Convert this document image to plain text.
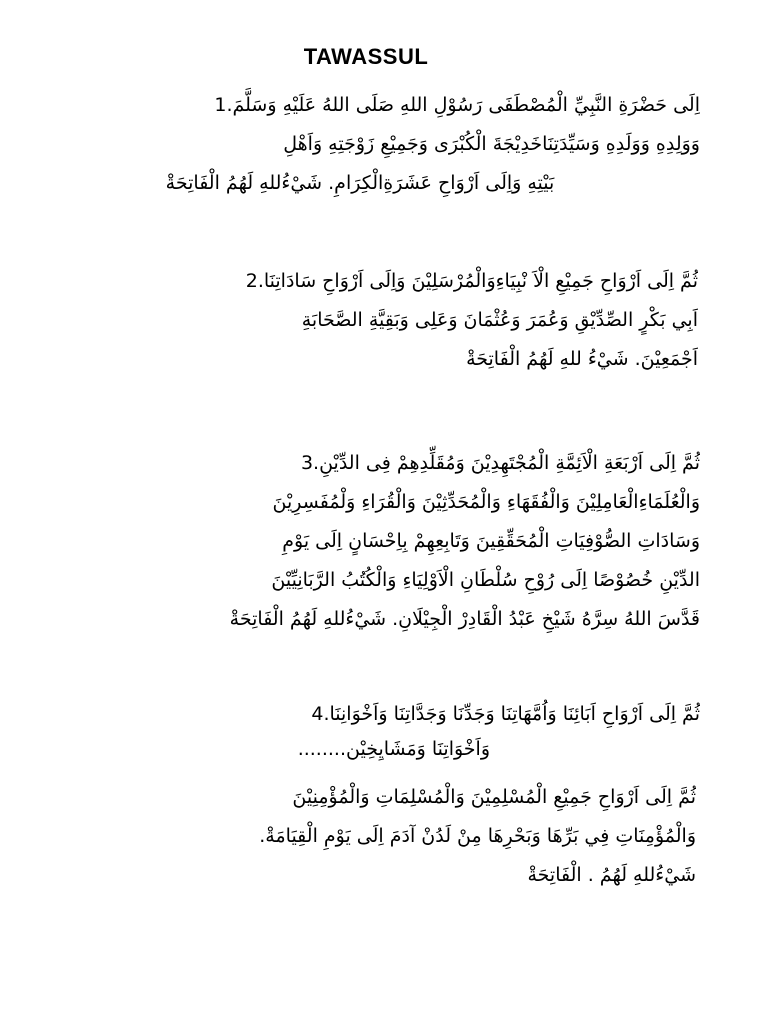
TAWASSUL
اِلَى حَضْرَةِ النَّبِيِّ الْمُصْطَفَى رَسُوْلِ اللهِ صَلَى اللهُ عَلَيْهِ وَسَلَّمَ.1
وَوَلِدِهِ وَوَلَدِهِ وَسَيِّدَتِنَاخَدِيْجَةَ الْكُبْرَى وَجَمِيْعِ زَوْجَتِهِ وَاَهْلِ
بَيْتِهِ وَاِلَى اَرْوَاحِ عَشَرَةِالْكِرَامِ. شَيْءُللهِ لَهُمُ الْفَاتِحَةْ
ثُمَّ اِلَى اَرْوَاحِ جَمِيْعِ الْاَ نْبِيَاءِوَالْمُرْسَلِيْنَ وَاِلَى اَرْوَاحِ سَادَاتِنَا.2
اَبِي بَكْرٍ الصِّدِّيْقِ وَعُمَرَ وَعُثْمَانَ وَعَلِى وَبَقِيَّةِ الصَّحَابَةِ
اَجْمَعِيْنَ. شَيْءُ للهِ لَهُمُ الْفَاتِحَةْ
ثُمَّ اِلَى اَرْبَعَةِ الْاَئِمَّةِ الْمُجْتَهِدِيْنَ وَمُقَلِّدِهِمْ فِى الدِّيْنِ.3
وَالْعُلَمَاءِالْعَامِلِيْنَ وَالْفُقَهَاءِ وَالْمُحَدِّثِيْنَ وَالْقُرَاءِ وَلْمُفَسِرِيْنَ
وَسَادَاتِ الصُّوْفِيَاتِ الْمُحَقِّقِينَ وَتَابِعِهِمْ بِاِحْسَانٍ اِلَى يَوْمِ
الدِّيْنِ خُصُوْصًا اِلَى رُوْحِ سُلْطَانِ الْاَوْلِيَاءِ وَالْكُتُبُ الرَّبَانِيِّيْنَ
قَدَّسَ اللهُ سِرَّهُ شَيْخِ عَبْدُ الْقَادِرْ الْجِيْلَانِ. شَيْءُللهِ لَهُمُ الْفَاتِحَةْ
ثُمَّ اِلَى اَرْوَاحِ اَبَائِنَا وَاُمَّهَاتِنَا وَجَدِّنَا وَجَدَّاتِنَا وَاَخْوَانِنَا.4
وَاَخْوَاتِنَا وَمَشَايِخِيْن........
ثُمَّ اِلَى اَرْوَاحِ جَمِيْعِ الْمُسْلِمِيْنَ وَالْمُسْلِمَاتِ وَالْمُؤْمِنِيْنَ
وَالْمُؤْمِنَاتِ فِي بَرِّهَا وَبَحْرِهَا مِنْ لَدُنْ آدَمَ اِلَى يَوْمِ الْقِيَامَةْ.
شَيْءُللهِ لَهُمُ . الْفَاتِحَةْ
